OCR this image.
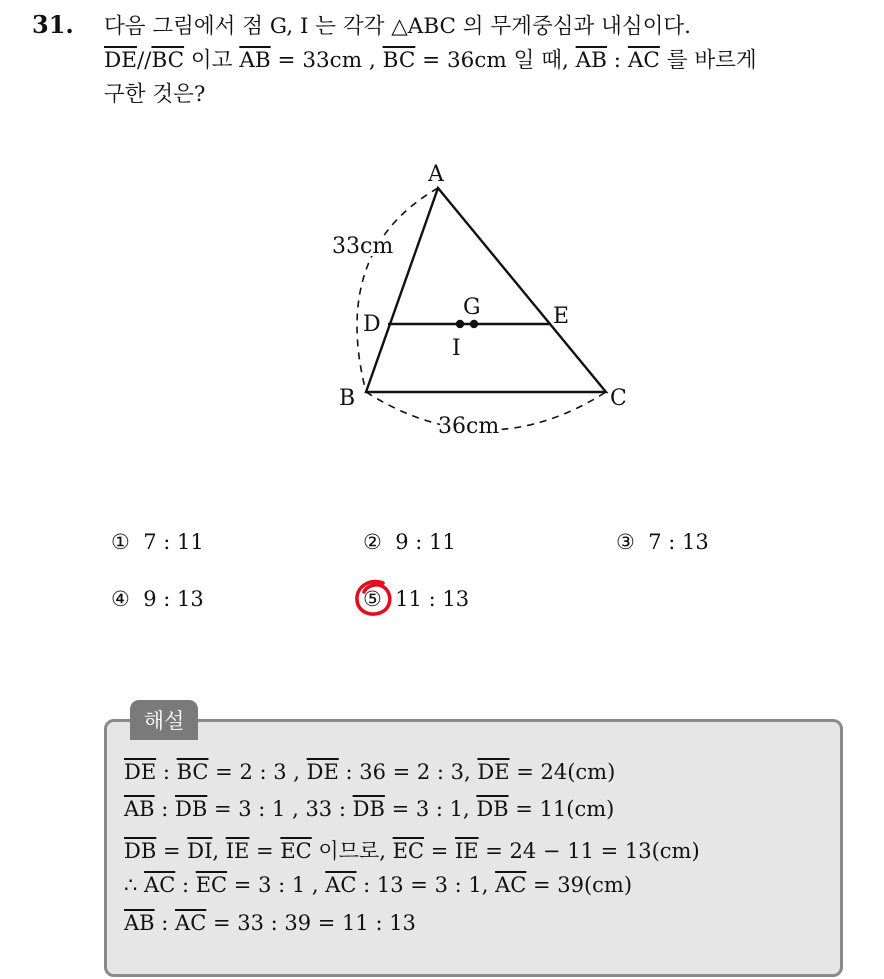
31. 다음 그림에서 점 G, I 는 각각 △ABC 의 무게중심과 내심이다.
$\overline{DE}//\overline{BC}$ 이고 $\overline{AB} = 33cm$ , $\overline{BC} = 36cm$ 일 때, $\overline{AB}$ : $\overline{AC}$ 를 바르게
구한 것은?
A
B	C
D	E
G
I
33cm
36cm
① 7 : 11	② 9 : 11	③ 7 : 13
④ 9 : 13	⑤ 11 : 13
해설
$\overline{DE}$ : $\overline{BC} = 2$ : 3 , $\overline{DE}$ : 36 = 2 : 3, $\overline{DE} = 24(cm)$
$\overline{AB}$ : $\overline{DB} = 3$ : 1 , 33 : $\overline{DB} = 3$ : 1, $\overline{DB} = 11(cm)$
$\overline{DB} = \overline{DI}$, $\overline{IE} = \overline{EC}$ 이므로, $\overline{EC} = \overline{IE} = 24 - 11 = 13(cm)$
∴ $\overline{AC}$ : $\overline{EC} = 3$ : 1 , $\overline{AC}$ : 13 = 3 : 1, $\overline{AC} = 39(cm)$
$\overline{AB}$ : $\overline{AC} = 33$ : 39 = 11 : 13
